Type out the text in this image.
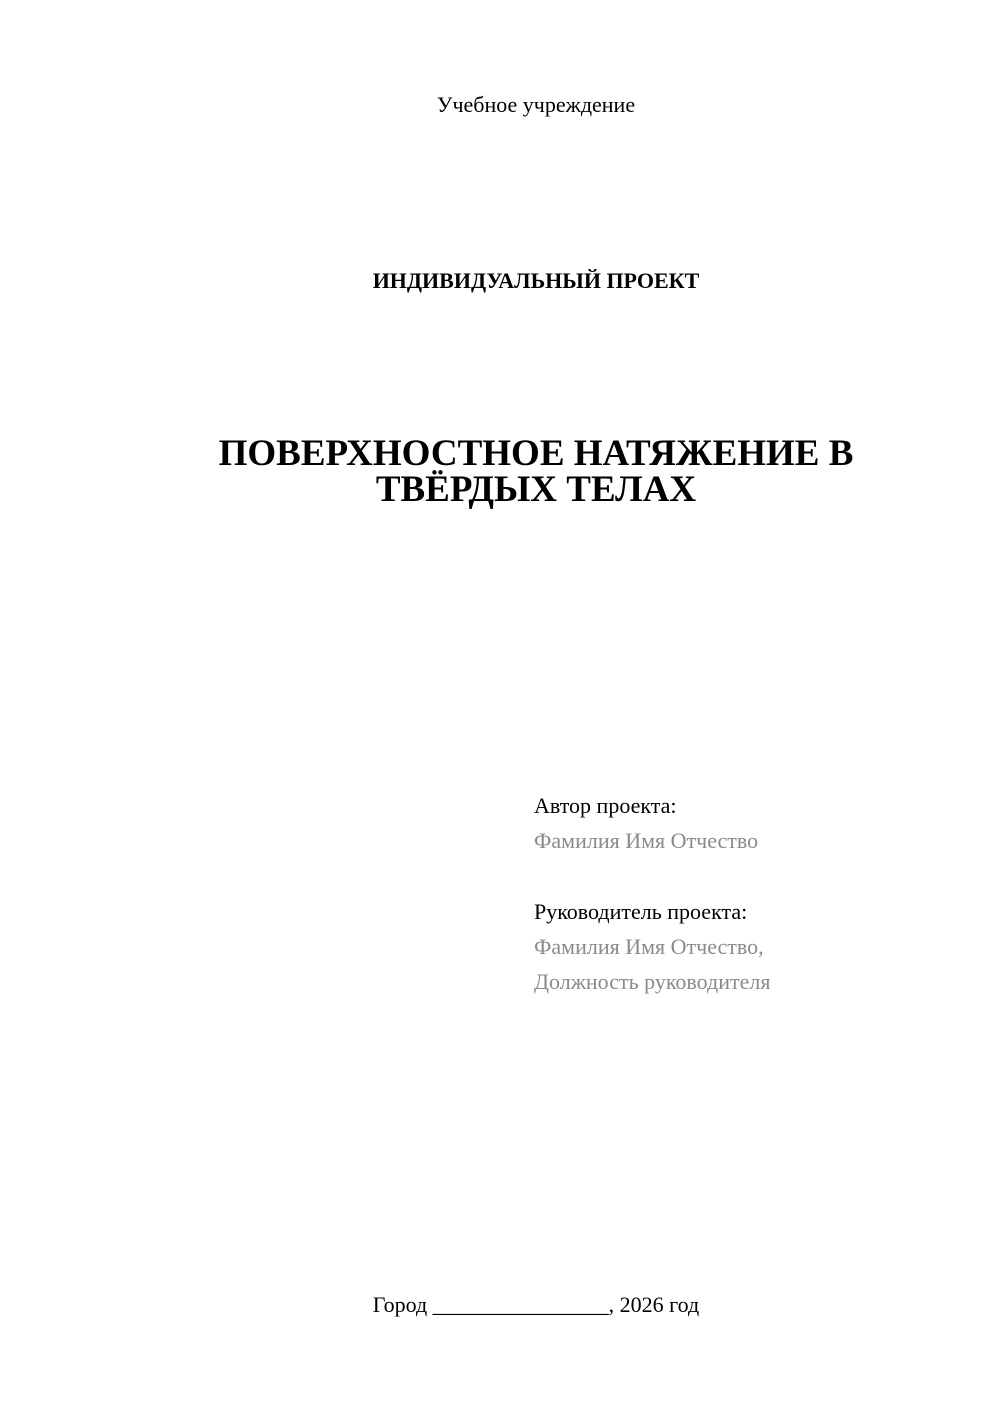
Учебное учреждение
ИНДИВИДУАЛЬНЫЙ ПРОЕКТ
ПОВЕРХНОСТНОЕ НАТЯЖЕНИЕ В
ТВЁРДЫХ ТЕЛАХ
Автор проекта:
Фамилия Имя Отчество
Руководитель проекта:
Фамилия Имя Отчество,
Должность руководителя
Город ________________, 2026 год
